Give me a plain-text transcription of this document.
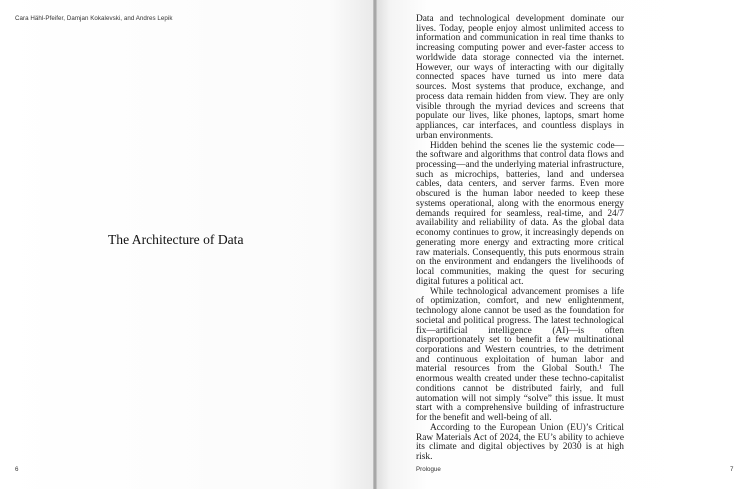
Cara Hähl-Pfeifer, Damjan Kokalevski, and Andres Lepik
The Architecture of Data
6

Data and technological development dominate our lives. Today, people enjoy almost unlimited access to information and communication in real time thanks to increasing computing power and ever-faster access to worldwide data storage connected via the internet. However, our ways of interacting with our digitally connected spaces have turned us into mere data sources. Most systems that produce, exchange, and process data remain hidden from view. They are only visible through the myriad devices and screens that populate our lives, like phones, laptops, smart home appliances, car interfaces, and countless displays in urban environments.

Hidden behind the scenes lie the systemic code—the software and algorithms that control data flows and processing—and the underlying material infrastructure, such as microchips, batteries, land and undersea cables, data centers, and server farms. Even more obscured is the human labor needed to keep these systems operational, along with the enormous energy demands required for seamless, real-time, and 24/7 availability and reliability of data. As the global data economy continues to grow, it increasingly depends on generating more energy and extracting more critical raw materials. Consequently, this puts enormous strain on the environment and endangers the livelihoods of local communities, making the quest for securing digital futures a political act.

While technological advancement promises a life of optimization, comfort, and new enlightenment, technology alone cannot be used as the foundation for societal and political progress. The latest technological fix—artificial intelligence (AI)—is often disproportionately set to benefit a few multinational corporations and Western countries, to the detriment and continuous exploitation of human labor and material resources from the Global South.¹ The enormous wealth created under these techno-capitalist conditions cannot be distributed fairly, and full automation will not simply “solve” this issue. It must start with a comprehensive building of infrastructure for the benefit and well-being of all.

According to the European Union (EU)’s Critical Raw Materials Act of 2024, the EU’s ability to achieve its climate and digital objectives by 2030 is at high risk.

Prologue	7
